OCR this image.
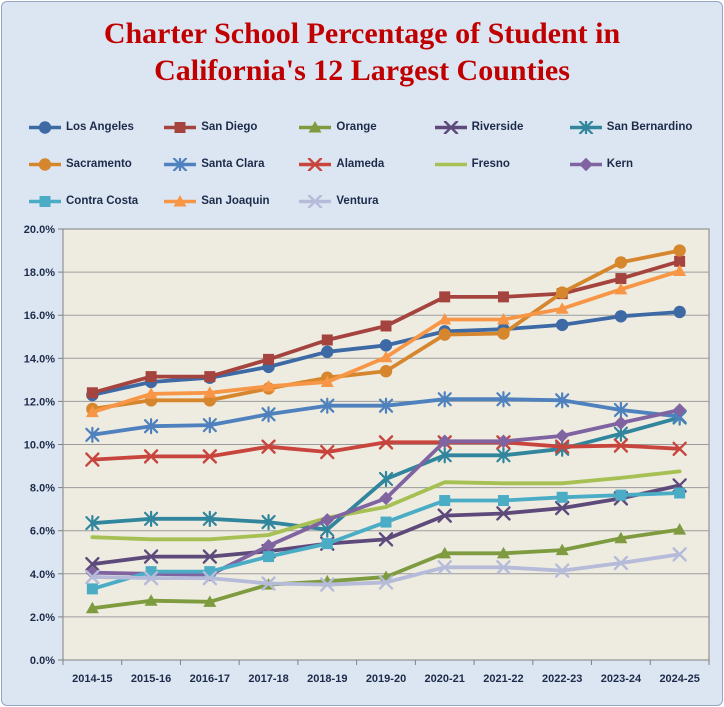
Charter School Percentage of Student in
California's 12 Largest Counties
Los Angeles	San Diego	Orange	Riverside	San Bernardino
Sacramento	Santa Clara	Alameda	Fresno	Kern
Contra Costa	San Joaquin	Ventura
0.0%
2.0%
4.0%
6.0%
8.0%
10.0%
12.0%
14.0%
16.0%
18.0%
20.0%
2014-15 2015-16 2016-17 2017-18 2018-19 2019-20 2020-21 2021-22 2022-23 2023-24 2024-25
